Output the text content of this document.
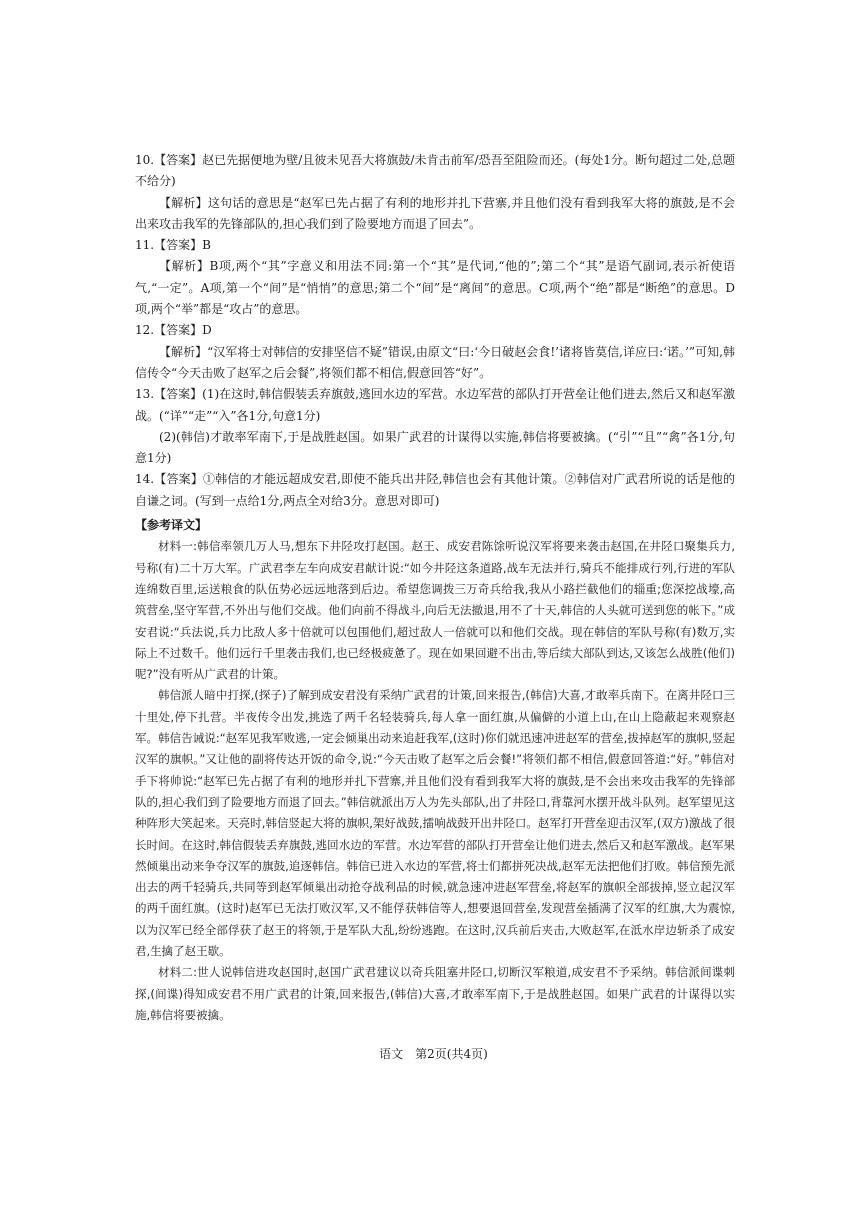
10.【答案】赵已先据便地为壁/且彼未见吾大将旗鼓/未肯击前军/恐吾至阻险而还。(每处1分。断句超过二处,总题不给分)

【解析】这句话的意思是“赵军已先占据了有利的地形并扎下营寨,并且他们没有看到我军大将的旗鼓,是不会出来攻击我军的先锋部队的,担心我们到了险要地方而退了回去”。

11.【答案】B

【解析】B项,两个“其”字意义和用法不同:第一个“其”是代词,“他的”;第二个“其”是语气副词,表示祈使语气,“一定”。A项,第一个“间”是“悄悄”的意思;第二个“间”是“离间”的意思。C项,两个“绝”都是“断绝”的意思。D项,两个“举”都是“攻占”的意思。

12.【答案】D

【解析】“汉军将士对韩信的安排坚信不疑”错误,由原文“曰:‘今日破赵会食!’诸将皆莫信,详应曰:‘诺。’”可知,韩信传令“今天击败了赵军之后会餐”,将领们都不相信,假意回答“好”。

13.【答案】(1)在这时,韩信假装丢弃旗鼓,逃回水边的军营。水边军营的部队打开营垒让他们进去,然后又和赵军激战。(“详”“走”“入”各1分,句意1分)

(2)(韩信)才敢率军南下,于是战胜赵国。如果广武君的计谋得以实施,韩信将要被擒。(“引”“且”“禽”各1分,句意1分)

14.【答案】①韩信的才能远超成安君,即使不能兵出井陉,韩信也会有其他计策。②韩信对广武君所说的话是他的自谦之词。(写到一点给1分,两点全对给3分。意思对即可)

【参考译文】

材料一:韩信率领几万人马,想东下井陉攻打赵国。赵王、成安君陈馀听说汉军将要来袭击赵国,在井陉口聚集兵力,号称(有)二十万大军。广武君李左车向成安君献计说:“如今井陉这条道路,战车无法并行,骑兵不能排成行列,行进的军队连绵数百里,运送粮食的队伍势必远远地落到后边。希望您调拨三万奇兵给我,我从小路拦截他们的辎重;您深挖战壕,高筑营垒,坚守军营,不外出与他们交战。他们向前不得战斗,向后无法撤退,用不了十天,韩信的人头就可送到您的帐下。”成安君说:“兵法说,兵力比敌人多十倍就可以包围他们,超过敌人一倍就可以和他们交战。现在韩信的军队号称(有)数万,实际上不过数千。他们远行千里袭击我们,也已经极疲惫了。现在如果回避不出击,等后续大部队到达,又该怎么战胜(他们)呢?”没有听从广武君的计策。

韩信派人暗中打探,(探子)了解到成安君没有采纳广武君的计策,回来报告,(韩信)大喜,才敢率兵南下。在离井陉口三十里处,停下扎营。半夜传令出发,挑选了两千名轻装骑兵,每人拿一面红旗,从偏僻的小道上山,在山上隐蔽起来观察赵军。韩信告诫说:“赵军见我军败逃,一定会倾巢出动来追赶我军,(这时)你们就迅速冲进赵军的营垒,拔掉赵军的旗帜,竖起汉军的旗帜。”又让他的副将传达开饭的命令,说:“今天击败了赵军之后会餐!”将领们都不相信,假意回答道:“好。”韩信对手下将帅说:“赵军已先占据了有利的地形并扎下营寨,并且他们没有看到我军大将的旗鼓,是不会出来攻击我军的先锋部队的,担心我们到了险要地方而退了回去。”韩信就派出万人为先头部队,出了井陉口,背靠河水摆开战斗队列。赵军望见这种阵形大笑起来。天亮时,韩信竖起大将的旗帜,架好战鼓,擂响战鼓开出井陉口。赵军打开营垒迎击汉军,(双方)激战了很长时间。在这时,韩信假装丢弃旗鼓,逃回水边的军营。水边军营的部队打开营垒让他们进去,然后又和赵军激战。赵军果然倾巢出动来争夺汉军的旗鼓,追逐韩信。韩信已进入水边的军营,将士们都拼死决战,赵军无法把他们打败。韩信预先派出去的两千轻骑兵,共同等到赵军倾巢出动抢夺战利品的时候,就急速冲进赵军营垒,将赵军的旗帜全部拔掉,竖立起汉军的两千面红旗。(这时)赵军已无法打败汉军,又不能俘获韩信等人,想要退回营垒,发现营垒插满了汉军的红旗,大为震惊,以为汉军已经全部俘获了赵王的将领,于是军队大乱,纷纷逃跑。在这时,汉兵前后夹击,大败赵军,在泜水岸边斩杀了成安君,生擒了赵王歇。

材料二:世人说韩信进攻赵国时,赵国广武君建议以奇兵阻塞井陉口,切断汉军粮道,成安君不予采纳。韩信派间谍刺探,(间谍)得知成安君不用广武君的计策,回来报告,(韩信)大喜,才敢率军南下,于是战胜赵国。如果广武君的计谋得以实施,韩信将要被擒。

语文　第2页(共4页)
